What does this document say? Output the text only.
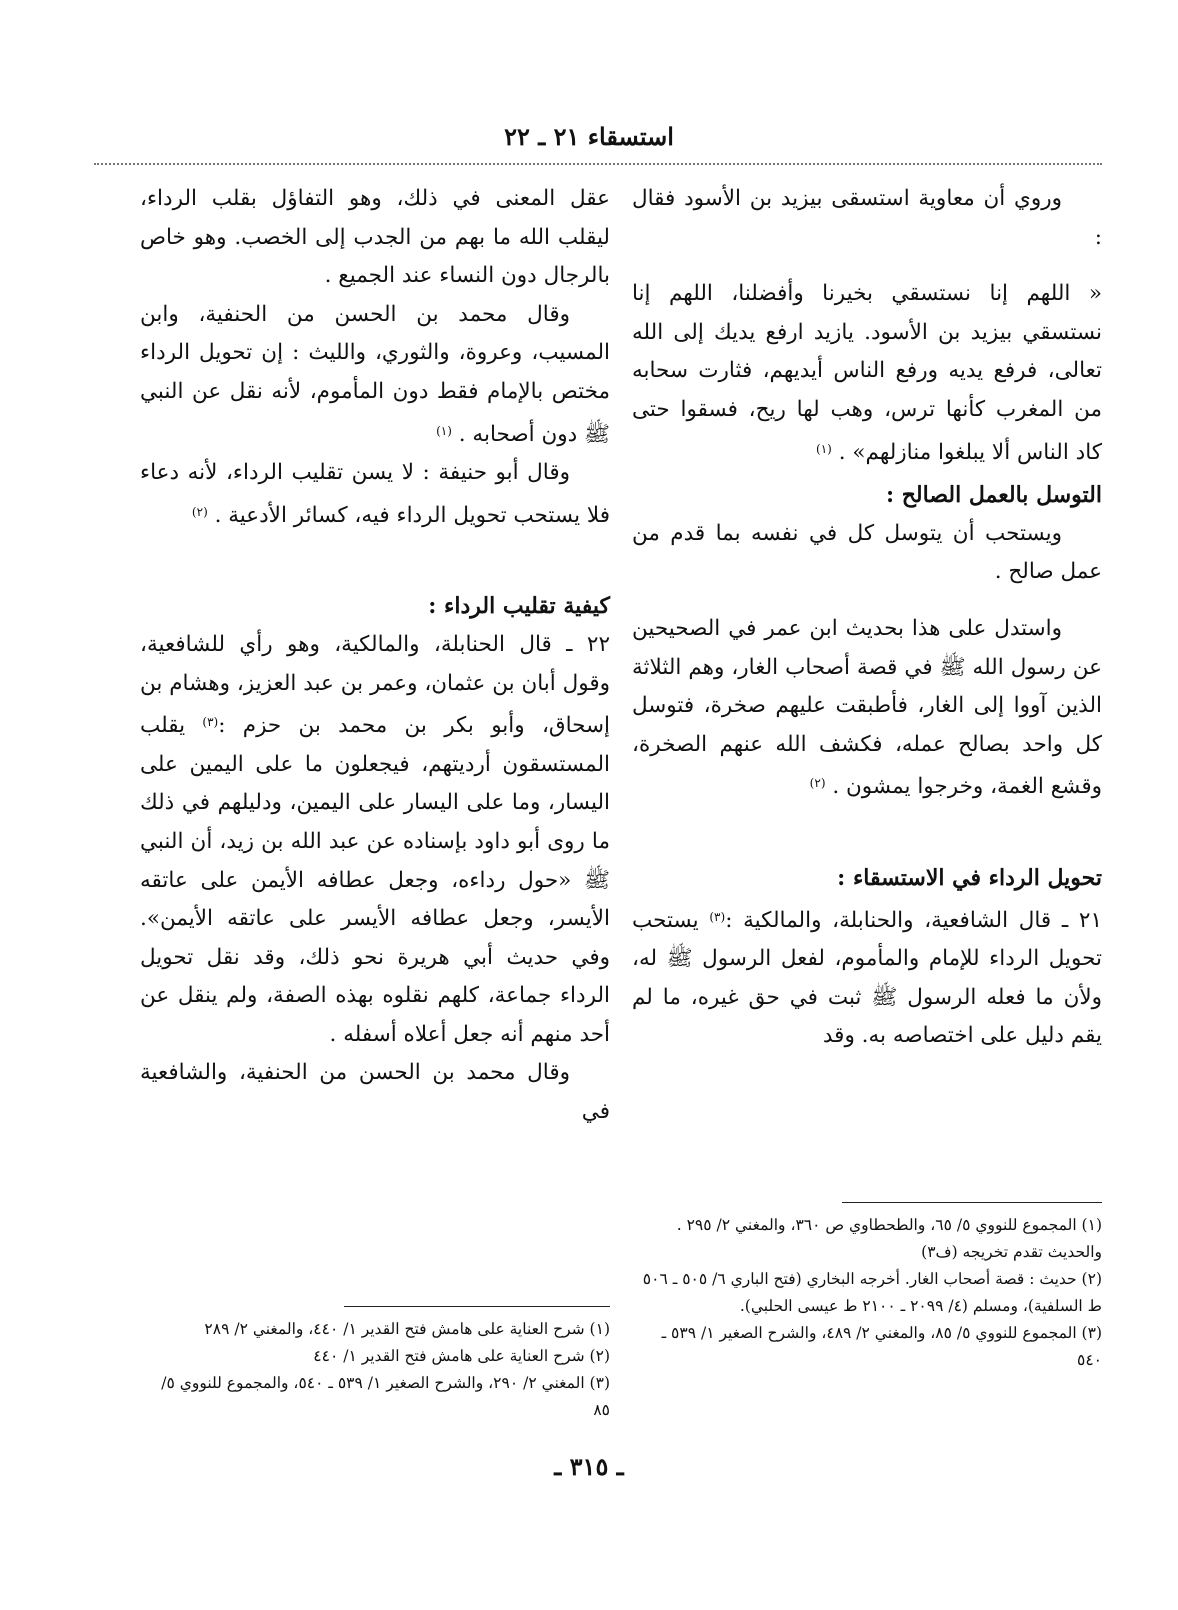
استسقاء ٢١ ـ ٢٢

وروي أن معاوية استسقى بيزيد بن الأسود فقال :

« اللهم إنا نستسقي بخيرنا وأفضلنا، اللهم إنا نستسقي بيزيد بن الأسود. يازيد ارفع يديك إلى الله تعالى، فرفع يديه ورفع الناس أيديهم، فثارت سحابه من المغرب كأنها ترس، وهب لها ريح، فسقوا حتى كاد الناس ألا يبلغوا منازلهم» . $^{(١)}$

التوسل بالعمل الصالح :

ويستحب أن يتوسل كل في نفسه بما قدم من عمل صالح .

واستدل على هذا بحديث ابن عمر في الصحيحين عن رسول الله ﷺ في قصة أصحاب الغار، وهم الثلاثة الذين آووا إلى الغار، فأطبقت عليهم صخرة، فتوسل كل واحد بصالح عمله، فكشف الله عنهم الصخرة، وقشع الغمة، وخرجوا يمشون . $^{(٢)}$

تحويل الرداء في الاستسقاء :

٢١ ـ قال الشافعية، والحنابلة، والمالكية :$^{(٣)}$ يستحب تحويل الرداء للإمام والمأموم، لفعل الرسول ﷺ له، ولأن ما فعله الرسول ﷺ ثبت في حق غيره، ما لم يقم دليل على اختصاصه به. وقد

عقل المعنى في ذلك، وهو التفاؤل بقلب الرداء، ليقلب الله ما بهم من الجدب إلى الخصب. وهو خاص بالرجال دون النساء عند الجميع .

وقال محمد بن الحسن من الحنفية، وابن المسيب، وعروة، والثوري، والليث : إن تحويل الرداء مختص بالإمام فقط دون المأموم، لأنه نقل عن النبي ﷺ دون أصحابه . $^{(١)}$

وقال أبو حنيفة : لا يسن تقليب الرداء، لأنه دعاء فلا يستحب تحويل الرداء فيه، كسائر الأدعية . $^{(٢)}$

كيفية تقليب الرداء :

٢٢ ـ قال الحنابلة، والمالكية، وهو رأي للشافعية، وقول أبان بن عثمان، وعمر بن عبد العزيز، وهشام بن إسحاق، وأبو بكر بن محمد بن حزم :$^{(٣)}$ يقلب المستسقون أرديتهم، فيجعلون ما على اليمين على اليسار، وما على اليسار على اليمين، ودليلهم في ذلك ما روى أبو داود بإسناده عن عبد الله بن زيد، أن النبي ﷺ «حول رداءه، وجعل عطافه الأيمن على عاتقه الأيسر، وجعل عطافه الأيسر على عاتقه الأيمن». وفي حديث أبي هريرة نحو ذلك، وقد نقل تحويل الرداء جماعة، كلهم نقلوه بهذه الصفة، ولم ينقل عن أحد منهم أنه جعل أعلاه أسفله .

وقال محمد بن الحسن من الحنفية، والشافعية في

(١) المجموع للنووي ٥/ ٦٥، والطحطاوي ص ٣٦٠، والمغني ٢/ ٢٩٥ . والحديث تقدم تخريجه (ف٣)

(٢) حديث : قصة أصحاب الغار. أخرجه البخاري (فتح الباري ٦/ ٥٠٥ ـ ٥٠٦ ط السلفية)، ومسلم (٤/ ٢٠٩٩ ـ ٢١٠٠ ط عيسى الحلبي).

(٣) المجموع للنووي ٥/ ٨٥، والمغني ٢/ ٤٨٩، والشرح الصغير ١/ ٥٣٩ ـ ٥٤٠

(١) شرح العناية على هامش فتح القدير ١/ ٤٤٠، والمغني ٢/ ٢٨٩

(٢) شرح العناية على هامش فتح القدير ١/ ٤٤٠

(٣) المغني ٢/ ٢٩٠، والشرح الصغير ١/ ٥٣٩ ـ ٥٤٠، والمجموع للنووي ٥/ ٨٥

ـ ٣١٥ ـ
